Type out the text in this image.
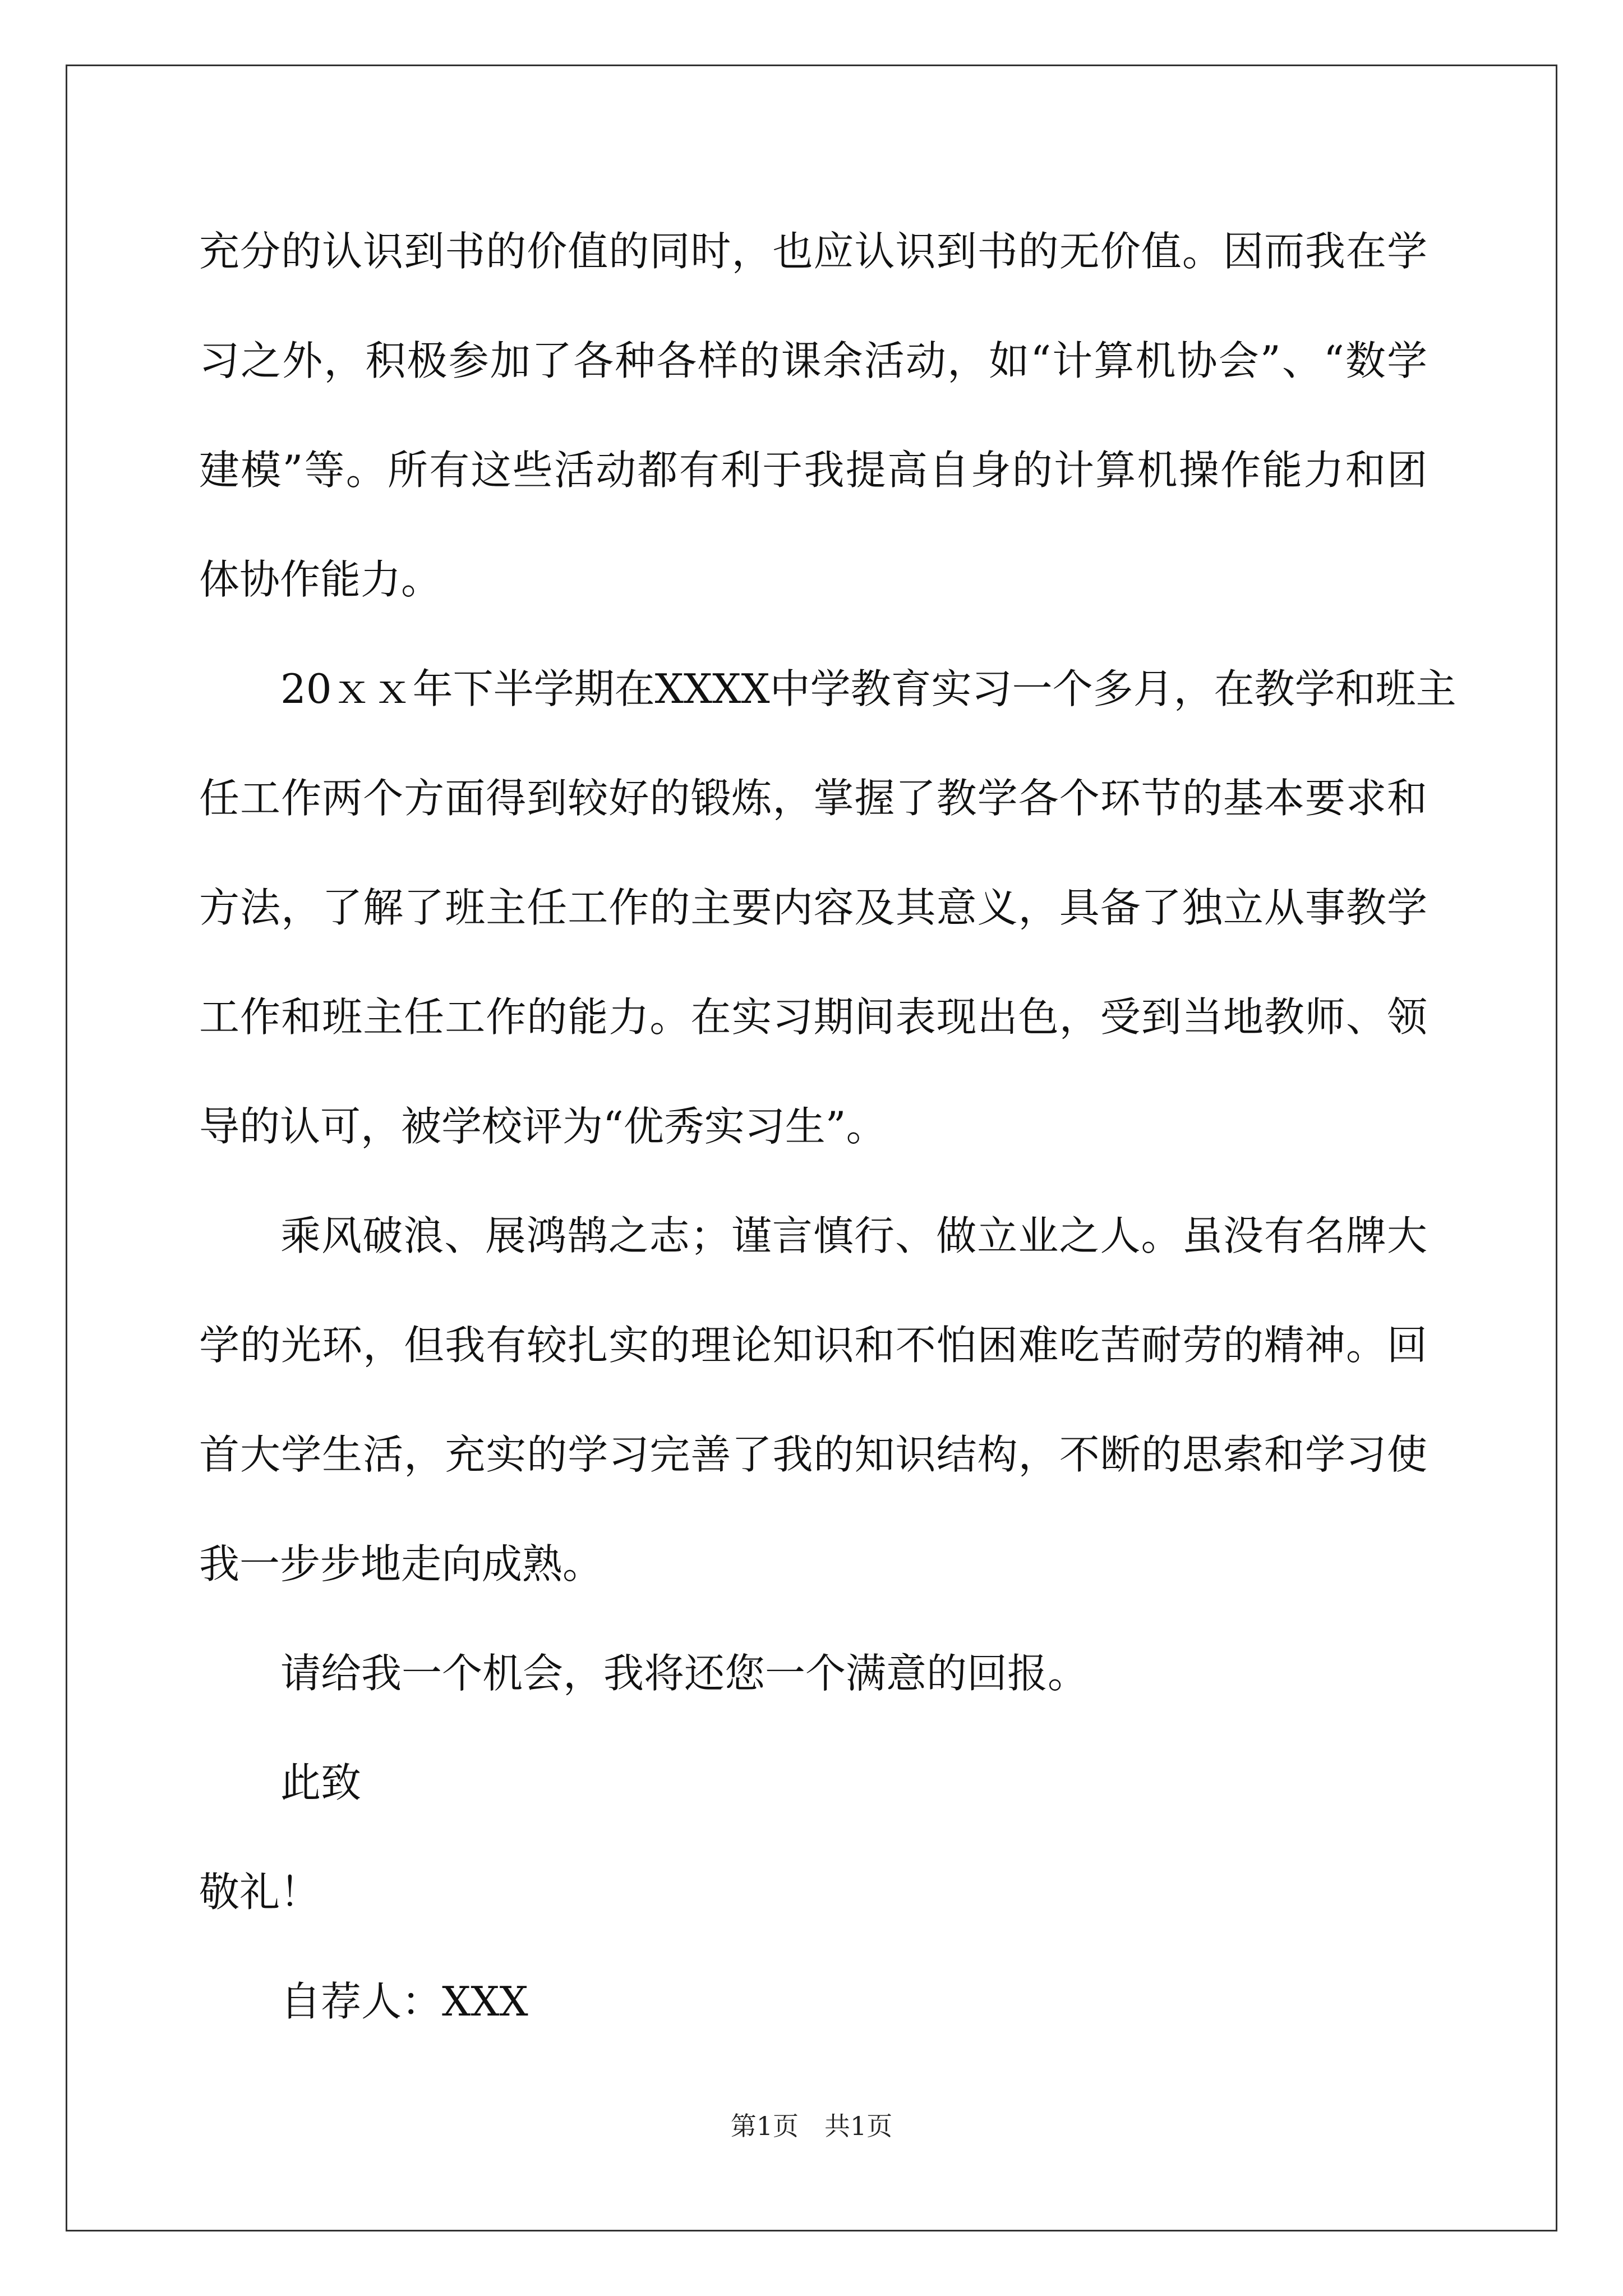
充分的认识到书的价值的同时，也应认识到书的无价值。因而我在学
习之外，积极参加了各种各样的课余活动，如“计算机协会”、“数学
建模”等。所有这些活动都有利于我提高自身的计算机操作能力和团
体协作能力。
20ｘｘ年下半学期在XXXX中学教育实习一个多月，在教学和班主
任工作两个方面得到较好的锻炼，掌握了教学各个环节的基本要求和
方法，了解了班主任工作的主要内容及其意义，具备了独立从事教学
工作和班主任工作的能力。在实习期间表现出色，受到当地教师、领
导的认可，被学校评为“优秀实习生”。
乘风破浪、展鸿鹄之志；谨言慎行、做立业之人。虽没有名牌大
学的光环，但我有较扎实的理论知识和不怕困难吃苦耐劳的精神。回
首大学生活，充实的学习完善了我的知识结构，不断的思索和学习使
我一步步地走向成熟。
请给我一个机会，我将还您一个满意的回报。
此致
敬礼！
自荐人：XXX
第1页　共1页
